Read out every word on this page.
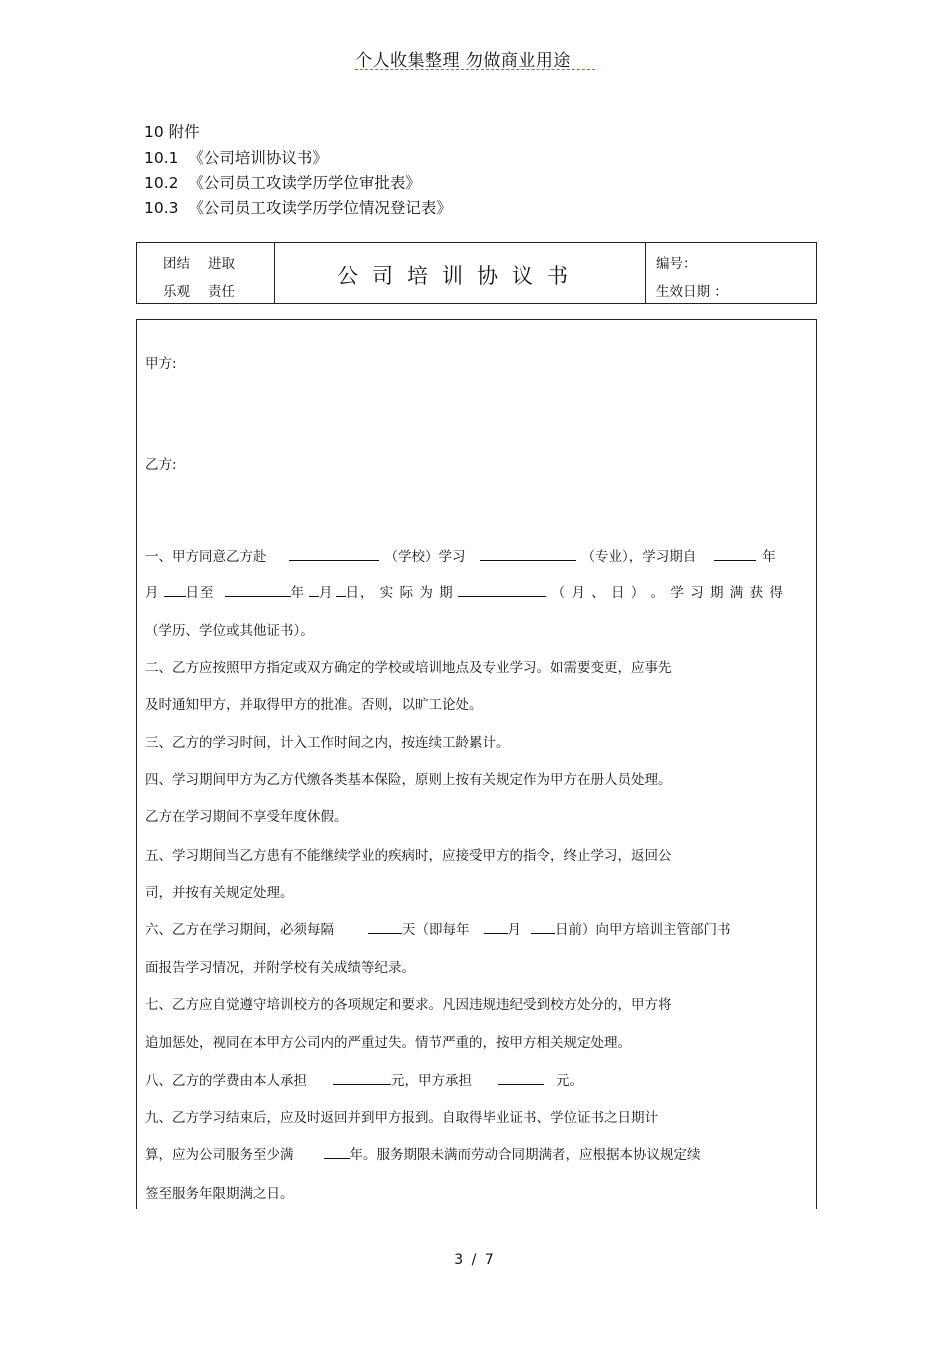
个人收集整理 勿做商业用途
10 附件
10.1 《公司培训协议书》
10.2 《公司员工攻读学历学位审批表》
10.3 《公司员工攻读学历学位情况登记表》
团结 进取
乐观 责任
公司培训协议书	编号：
生效日期 ：
甲方:
乙方:
一、甲方同意乙方赴	（学校）学习	（专业），学习期自	年
月 日至	年 月 日， 实 际 为 期	（ 月 、 日 ） 。 学 习 期 满 获 得
（学历、学位或其他证书）。
二、乙方应按照甲方指定或双方确定的学校或培训地点及专业学习。如需要变更，应事先
及时通知甲方，并取得甲方的批准。否则，以旷工论处。
三、乙方的学习时间，计入工作时间之内，按连续工龄累计。
四、学习期间甲方为乙方代缴各类基本保险，原则上按有关规定作为甲方在册人员处理。
乙方在学习期间不享受年度休假。
五、学习期间当乙方患有不能继续学业的疾病时，应接受甲方的指令，终止学习，返回公
司，并按有关规定处理。
六、乙方在学习期间，必须每隔	天（即每年	月	日前）向甲方培训主管部门书
面报告学习情况，并附学校有关成绩等纪录。
七、乙方应自觉遵守培训校方的各项规定和要求。凡因违规违纪受到校方处分的，甲方将
追加惩处，视同在本甲方公司内的严重过失。情节严重的，按甲方相关规定处理。
八、乙方的学费由本人承担	元，甲方承担	元。
九、乙方学习结束后，应及时返回并到甲方报到。自取得毕业证书、学位证书之日期计
算，应为公司服务至少满	年。服务期限未满而劳动合同期满者，应根据本协议规定续
签至服务年限期满之日。
3 / 7
